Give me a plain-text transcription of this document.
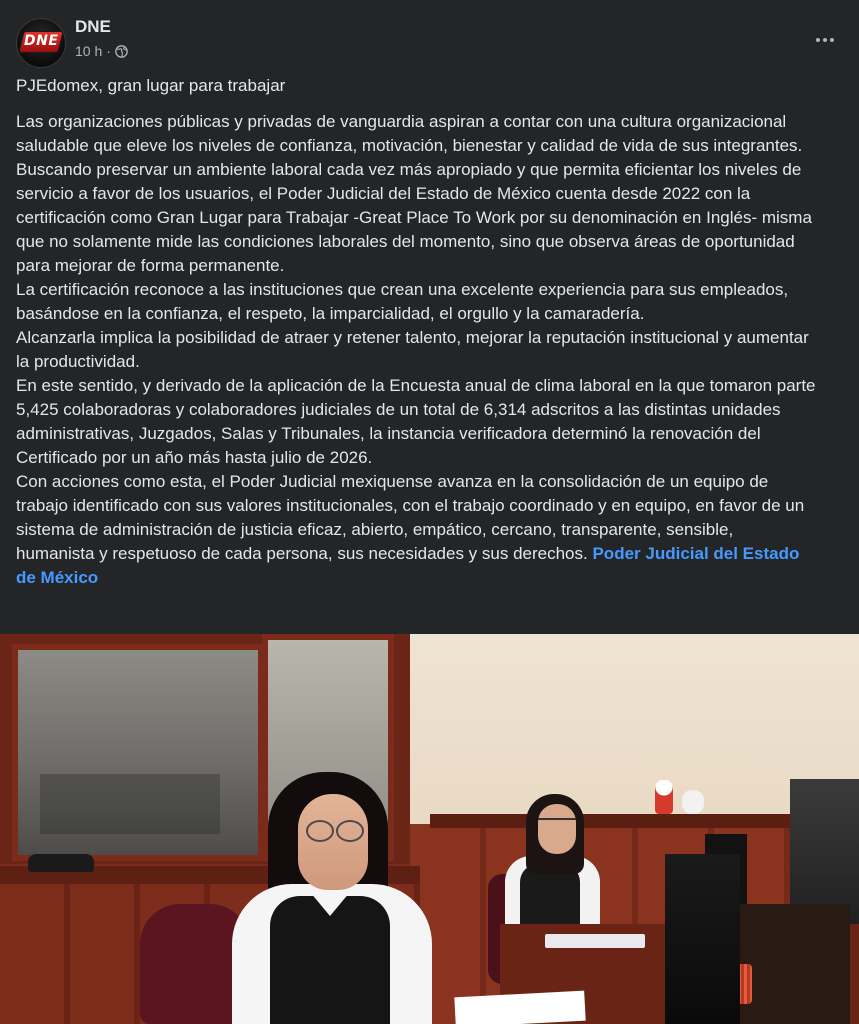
DNE
DNE
10 h ·

PJEdomex, gran lugar para trabajar

Las organizaciones públicas y privadas de vanguardia aspiran a contar con una cultura organizacional saludable que eleve los niveles de confianza, motivación, bienestar y calidad de vida de sus integrantes.

Buscando preservar un ambiente laboral cada vez más apropiado y que permita eficientar los niveles de servicio a favor de los usuarios, el Poder Judicial del Estado de México cuenta desde 2022 con la certificación como Gran Lugar para Trabajar -Great Place To Work por su denominación en Inglés- misma que no solamente mide las condiciones laborales del momento, sino que observa áreas de oportunidad para mejorar de forma permanente.

La certificación reconoce a las instituciones que crean una excelente experiencia para sus empleados, basándose en la confianza, el respeto, la imparcialidad, el orgullo y la camaradería.

Alcanzarla implica la posibilidad de atraer y retener talento, mejorar la reputación institucional y aumentar la productividad.

En este sentido, y derivado de la aplicación de la Encuesta anual de clima laboral en la que tomaron parte 5,425 colaboradoras y colaboradores judiciales de un total de 6,314 adscritos a las distintas unidades administrativas, Juzgados, Salas y Tribunales, la instancia verificadora determinó la renovación del Certificado por un año más hasta julio de 2026.

Con acciones como esta, el Poder Judicial mexiquense avanza en la consolidación de un equipo de trabajo identificado con sus valores institucionales, con el trabajo coordinado y en equipo, en favor de un sistema de administración de justicia eficaz, abierto, empático, cercano, transparente, sensible, humanista y respetuoso de cada persona, sus necesidades y sus derechos. Poder Judicial del Estado de México
